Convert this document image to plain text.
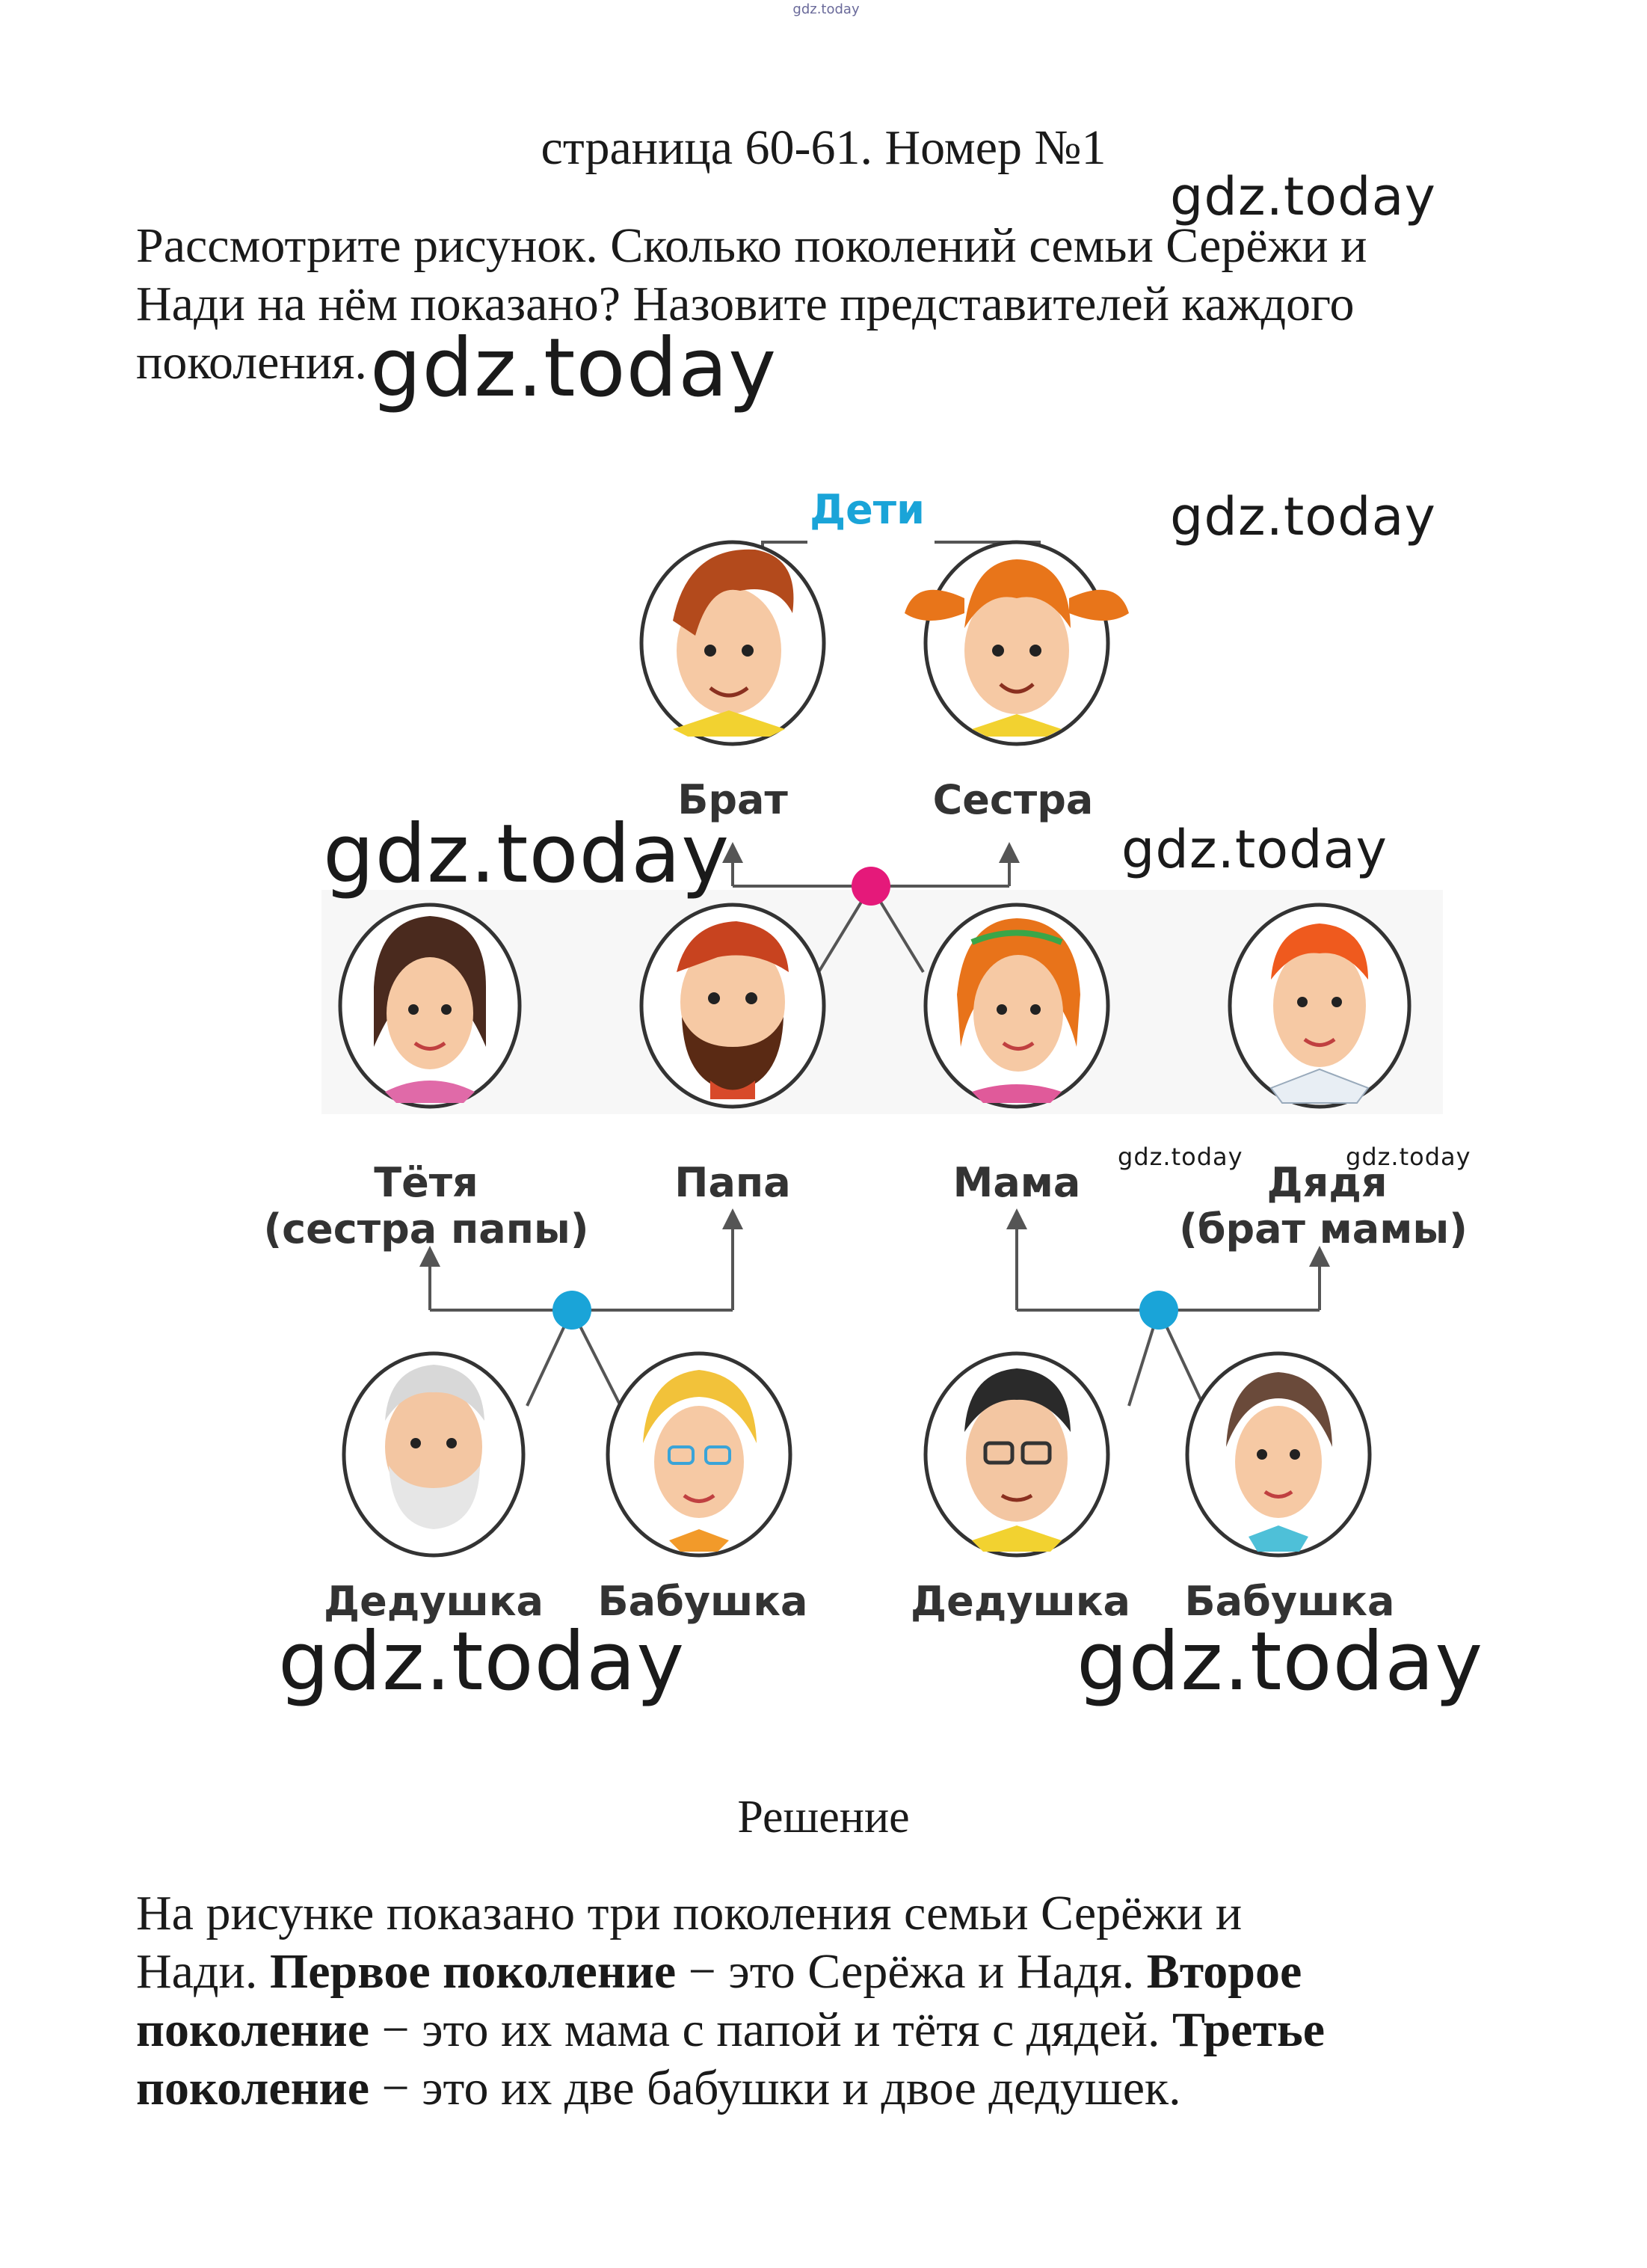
gdz.today
страница 60-61. Номер №1
Рассмотрите рисунок. Сколько поколений семьи Серёжи и
Нади на нём показано? Назовите представителей каждого
поколения.
Дети
Брат	Сестра
Тётя
(сестра папы)
Папа	Мама	Дядя
(брат мамы)
Дедушка Бабушка	Дедушка Бабушка
gdz.today
gdz.today
gdz.today
gdz.today	gdz.today
gdz.today	gdz.today
gdz.today	gdz.today
Решение
На рисунке показано три поколения семьи Серёжи и
Нади. Первое поколение − это Серёжа и Надя. Второе
поколение − это их мама с папой и тётя с дядей. Третье
поколение − это их две бабушки и двое дедушек.
